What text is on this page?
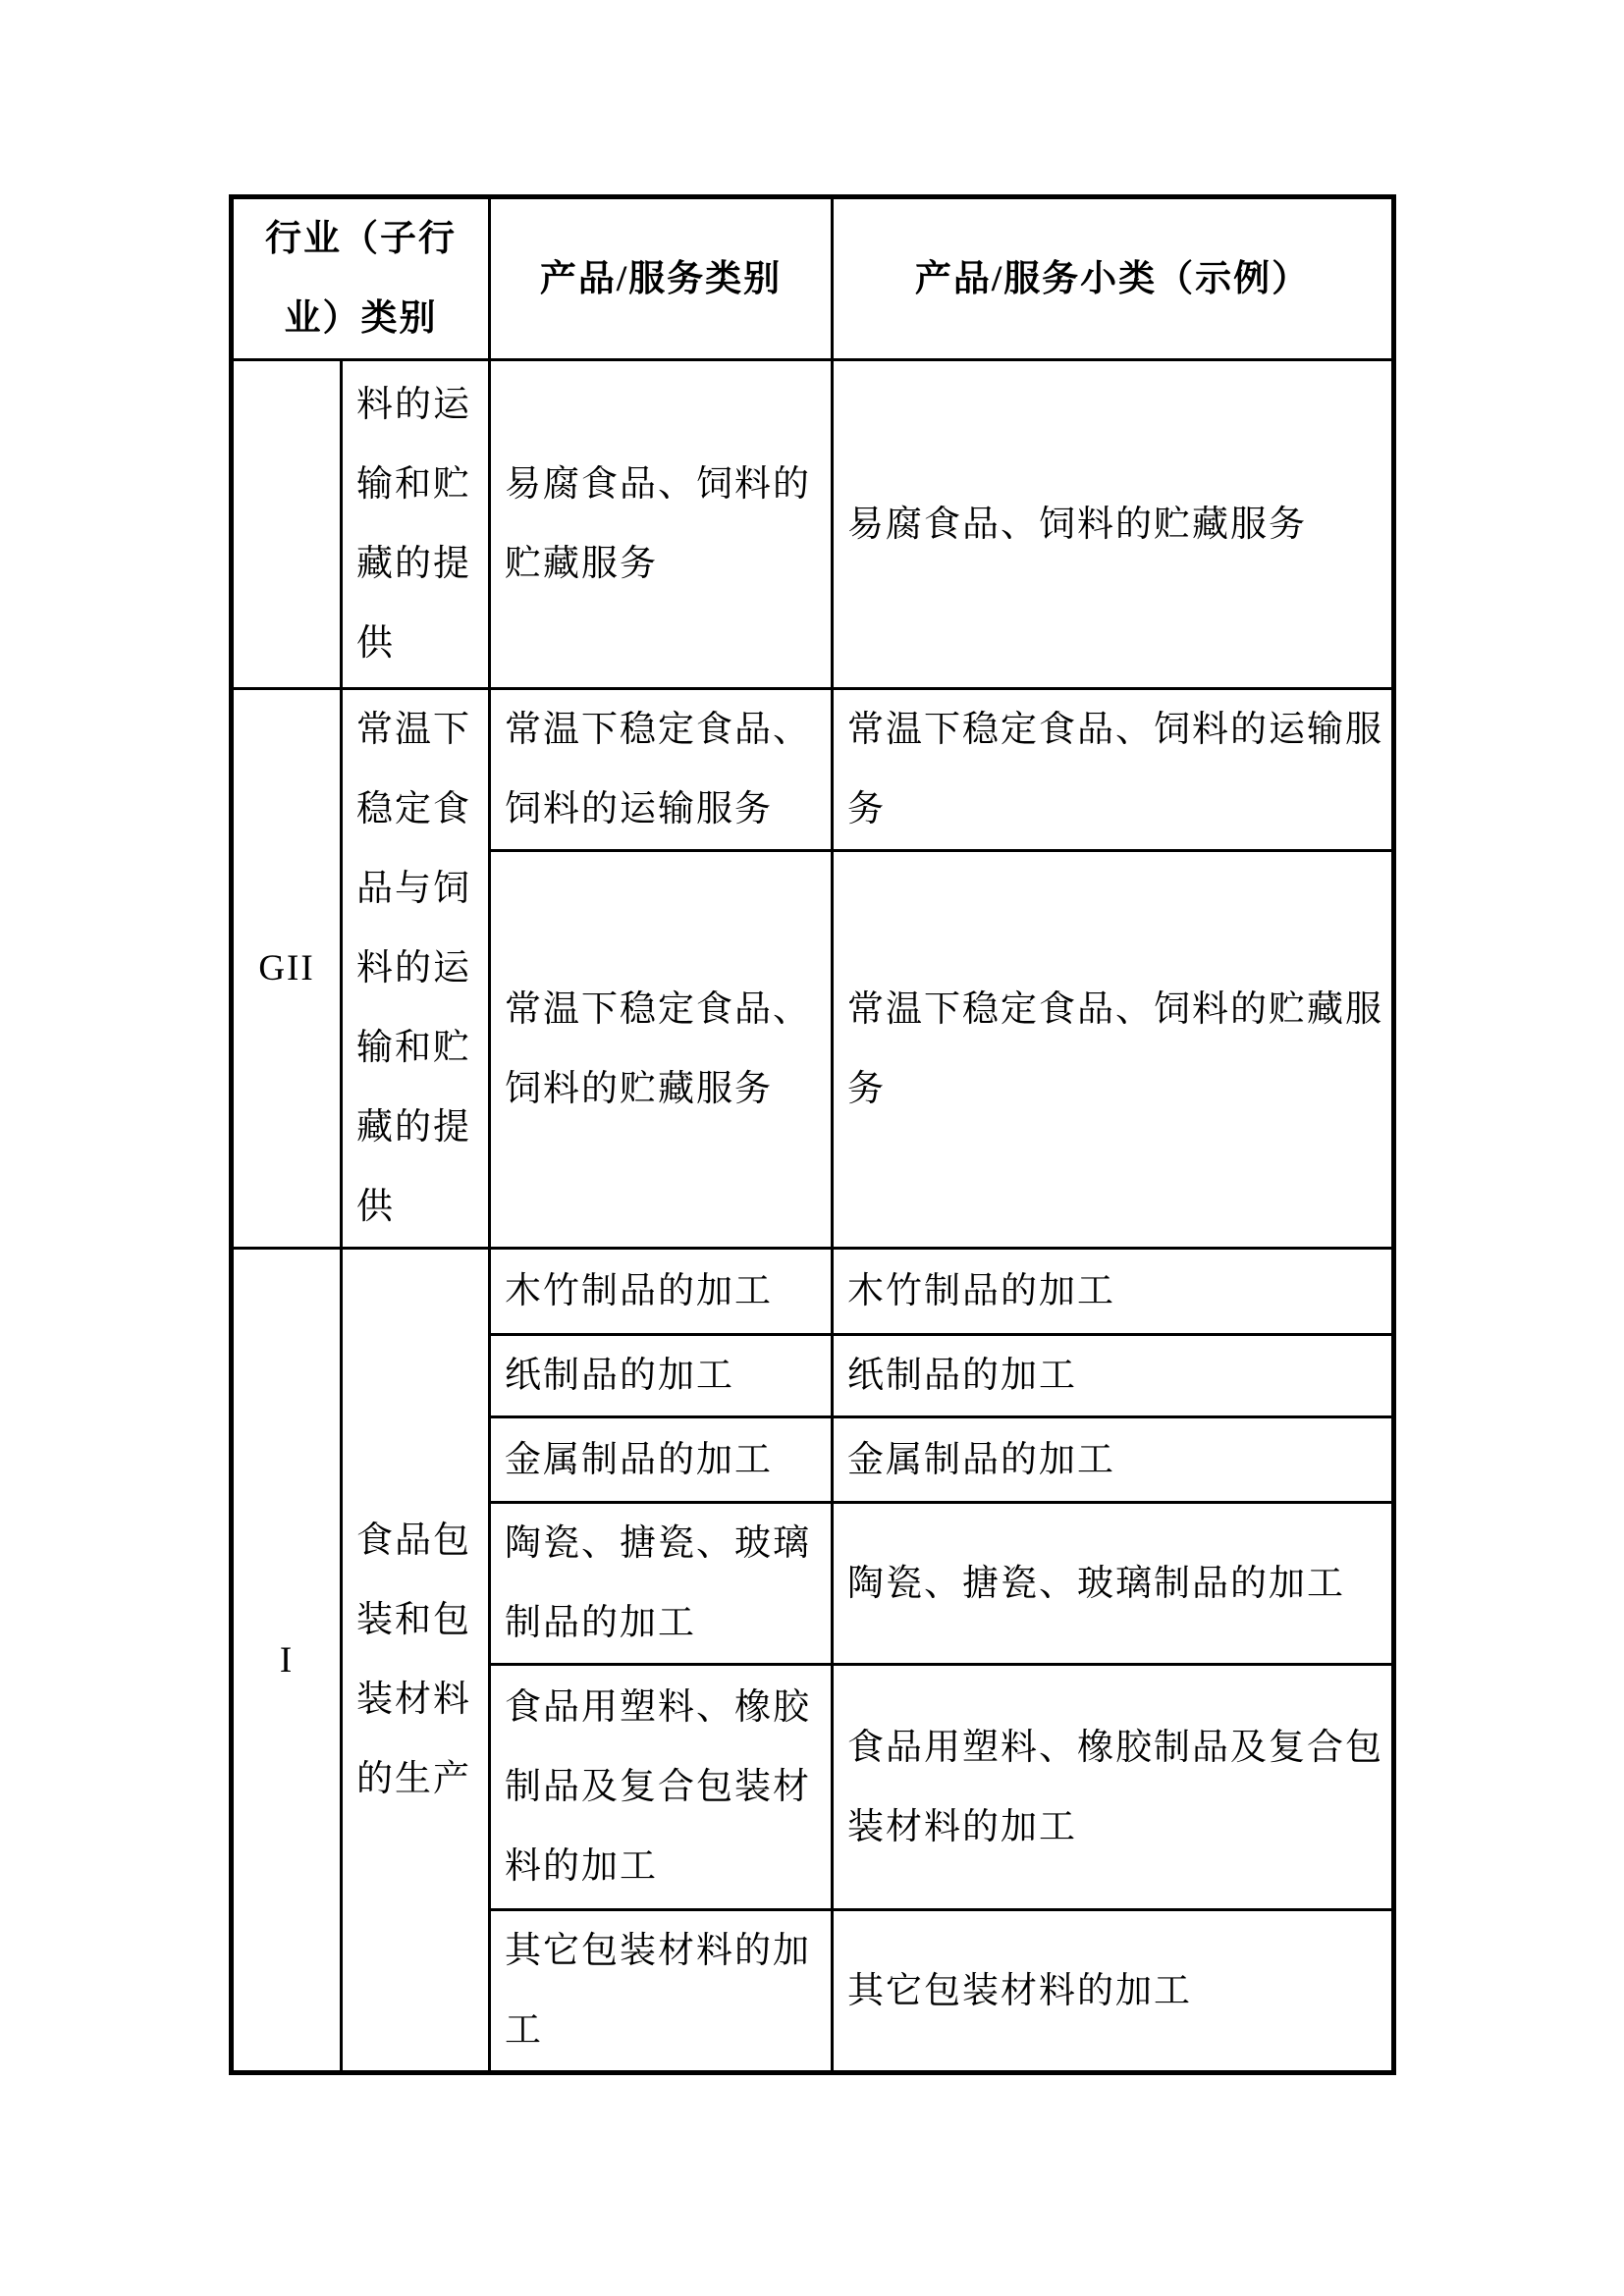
行业（子行
业）类别		产品/服务类别	产品/服务小类（示例）
	料的运
输和贮
藏的提
供	易腐食品、饲料的
贮藏服务	易腐食品、饲料的贮藏服务
GII	常温下
稳定食
品与饲
料的运
输和贮
藏的提
供	常温下稳定食品、
饲料的运输服务	常温下稳定食品、饲料的运输服
务
		常温下稳定食品、
饲料的贮藏服务	常温下稳定食品、饲料的贮藏服
务
I	食品包
装和包
装材料
的生产	木竹制品的加工	木竹制品的加工
		纸制品的加工	纸制品的加工
		金属制品的加工	金属制品的加工
		陶瓷、搪瓷、玻璃
制品的加工	陶瓷、搪瓷、玻璃制品的加工
		食品用塑料、橡胶
制品及复合包装材
料的加工	食品用塑料、橡胶制品及复合包
装材料的加工
		其它包装材料的加
工	其它包装材料的加工
